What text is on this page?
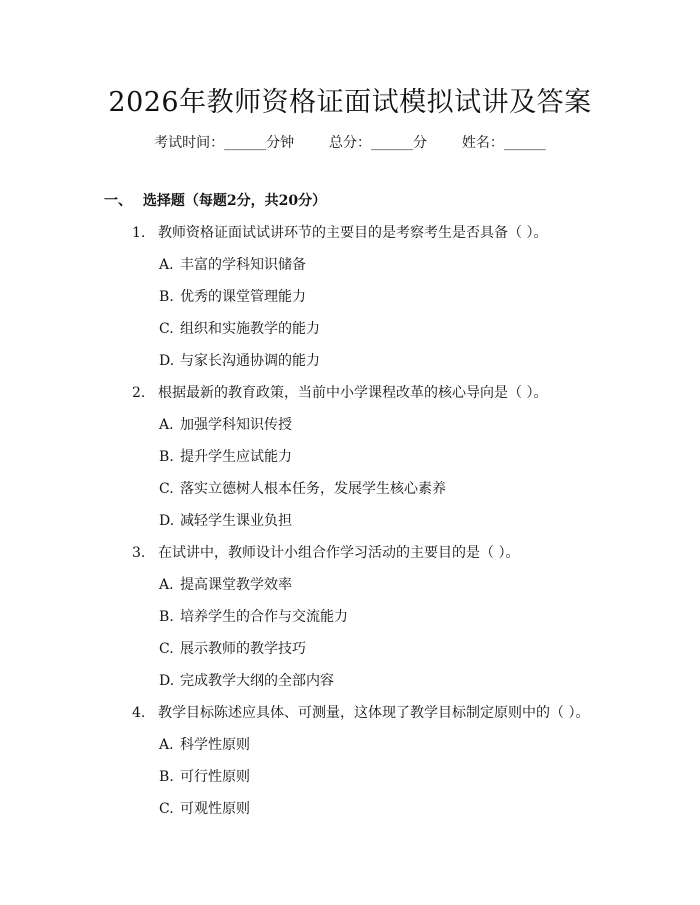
2026年教师资格证面试模拟试讲及答案
考试时间：______分钟 总分：______分 姓名：______
一、 选择题（每题2分，共20分）
1. 教师资格证面试试讲环节的主要目的是考察考生是否具备（ ）。
A. 丰富的学科知识储备
B. 优秀的课堂管理能力
C. 组织和实施教学的能力
D. 与家长沟通协调的能力
2. 根据最新的教育政策，当前中小学课程改革的核心导向是（ ）。
A. 加强学科知识传授
B. 提升学生应试能力
C. 落实立德树人根本任务，发展学生核心素养
D. 减轻学生课业负担
3. 在试讲中，教师设计小组合作学习活动的主要目的是（ ）。
A. 提高课堂教学效率
B. 培养学生的合作与交流能力
C. 展示教师的教学技巧
D. 完成教学大纲的全部内容
4. 教学目标陈述应具体、可测量，这体现了教学目标制定原则中的（ ）。
A. 科学性原则
B. 可行性原则
C. 可观性原则
